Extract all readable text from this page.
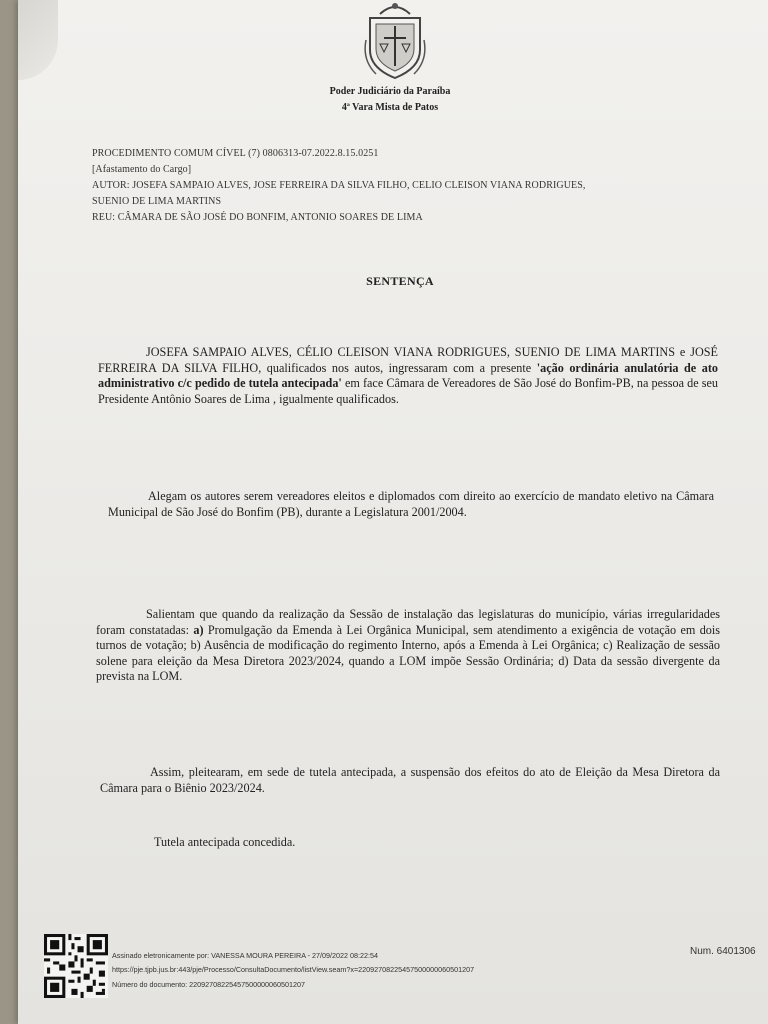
Poder Judiciário da Paraíba
4ª Vara Mista de Patos
PROCEDIMENTO COMUM CÍVEL (7) 0806313-07.2022.8.15.0251
[Afastamento do Cargo]
AUTOR: JOSEFA SAMPAIO ALVES, JOSE FERREIRA DA SILVA FILHO, CELIO CLEISON VIANA RODRIGUES,
SUENIO DE LIMA MARTINS
REU: CÂMARA DE SÃO JOSÉ DO BONFIM, ANTONIO SOARES DE LIMA
SENTENÇA

JOSEFA SAMPAIO ALVES, CÉLIO CLEISON VIANA RODRIGUES, SUENIO DE LIMA MARTINS e JOSÉ FERREIRA DA SILVA FILHO, qualificados nos autos, ingressaram com a presente 'ação ordinária anulatória de ato administrativo c/c pedido de tutela antecipada' em face Câmara de Vereadores de São José do Bonfim-PB, na pessoa de seu Presidente Antônio Soares de Lima , igualmente qualificados.

Alegam os autores serem vereadores eleitos e diplomados com direito ao exercício de mandato eletivo na Câmara Municipal de São José do Bonfim (PB), durante a Legislatura 2001/2004.

Salientam que quando da realização da Sessão de instalação das legislaturas do município, várias irregularidades foram constatadas: a) Promulgação da Emenda à Lei Orgânica Municipal, sem atendimento a exigência de votação em dois turnos de votação; b) Ausência de modificação do regimento Interno, após a Emenda à Lei Orgânica; c) Realização de sessão solene para eleição da Mesa Diretora 2023/2024, quando a LOM impõe Sessão Ordinária; d) Data da sessão divergente da prevista na LOM.

Assim, pleitearam, em sede de tutela antecipada, a suspensão dos efeitos do ato de Eleição da Mesa Diretora da Câmara para o Biênio 2023/2024.

Tutela antecipada concedida.

Assinado eletronicamente por: VANESSA MOURA PEREIRA - 27/09/2022 08:22:54
https://pje.tjpb.jus.br:443/pje/Processo/ConsultaDocumento/listView.seam?x=22092708225457500000060501207
Número do documento: 22092708225457500000060501207
Num. 6401306
